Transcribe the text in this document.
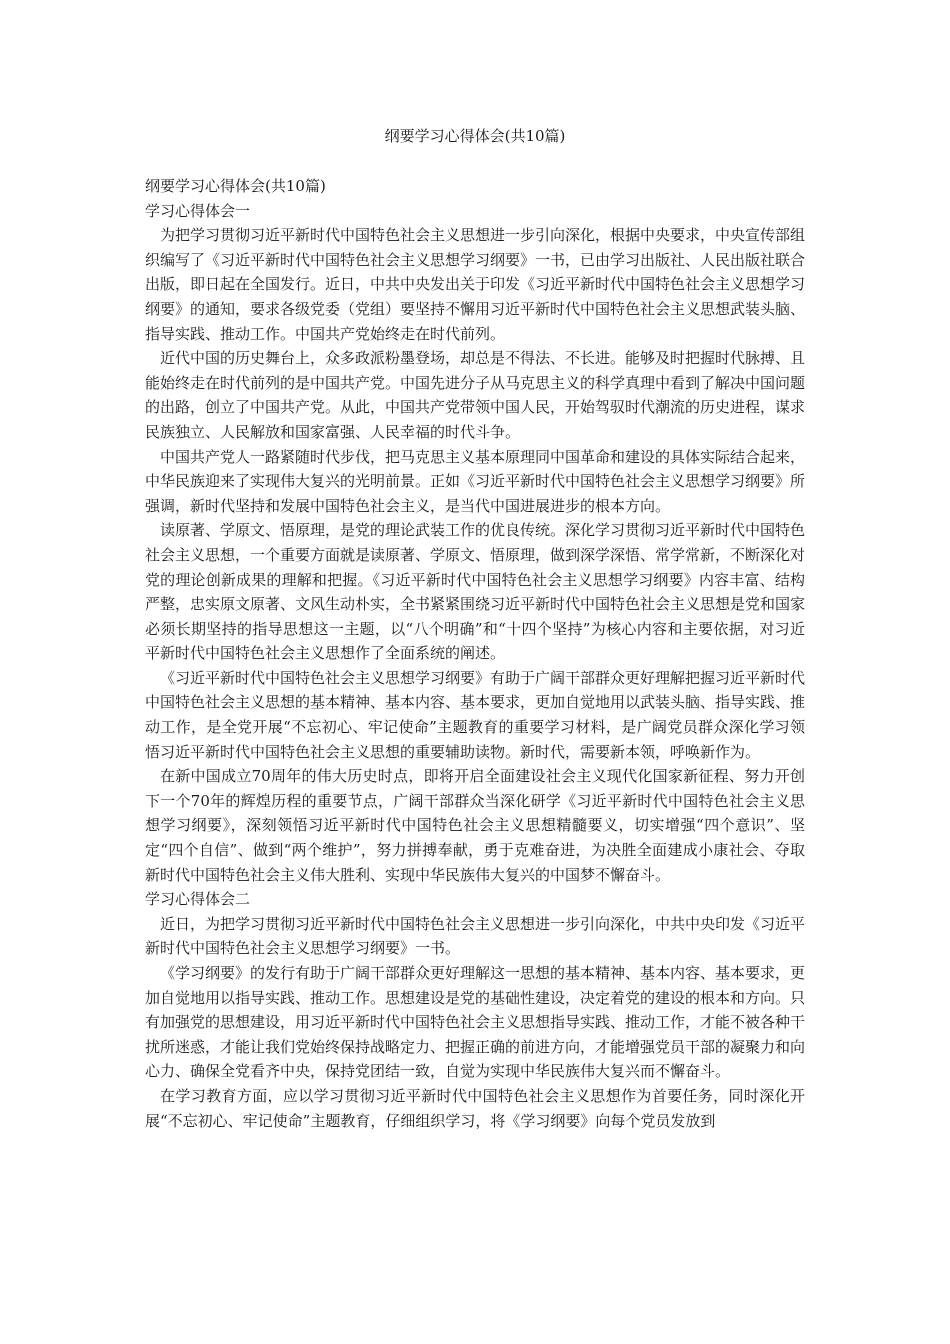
纲要学习心得体会(共10篇)

纲要学习心得体会(共10篇)

学习心得体会一

为把学习贯彻习近平新时代中国特色社会主义思想进一步引向深化，根据中央要求，中央宣传部组织编写了《习近平新时代中国特色社会主义思想学习纲要》一书，已由学习出版社、人民出版社联合出版，即日起在全国发行。近日，中共中央发出关于印发《习近平新时代中国特色社会主义思想学习纲要》的通知，要求各级党委（党组）要坚持不懈用习近平新时代中国特色社会主义思想武装头脑、指导实践、推动工作。中国共产党始终走在时代前列。

近代中国的历史舞台上，众多政派粉墨登场，却总是不得法、不长进。能够及时把握时代脉搏、且能始终走在时代前列的是中国共产党。中国先进分子从马克思主义的科学真理中看到了解决中国问题的出路，创立了中国共产党。从此，中国共产党带领中国人民，开始驾驭时代潮流的历史进程，谋求民族独立、人民解放和国家富强、人民幸福的时代斗争。

中国共产党人一路紧随时代步伐，把马克思主义基本原理同中国革命和建设的具体实际结合起来，中华民族迎来了实现伟大复兴的光明前景。正如《习近平新时代中国特色社会主义思想学习纲要》所强调，新时代坚持和发展中国特色社会主义，是当代中国进展进步的根本方向。

读原著、学原文、悟原理，是党的理论武装工作的优良传统。深化学习贯彻习近平新时代中国特色社会主义思想，一个重要方面就是读原著、学原文、悟原理，做到深学深悟、常学常新，不断深化对党的理论创新成果的理解和把握。《习近平新时代中国特色社会主义思想学习纲要》内容丰富、结构严整，忠实原文原著、文风生动朴实，全书紧紧围绕习近平新时代中国特色社会主义思想是党和国家必须长期坚持的指导思想这一主题，以“八个明确”和“十四个坚持”为核心内容和主要依据，对习近平新时代中国特色社会主义思想作了全面系统的阐述。

《习近平新时代中国特色社会主义思想学习纲要》有助于广阔干部群众更好理解把握习近平新时代中国特色社会主义思想的基本精神、基本内容、基本要求，更加自觉地用以武装头脑、指导实践、推动工作，是全党开展“不忘初心、牢记使命”主题教育的重要学习材料，是广阔党员群众深化学习领悟习近平新时代中国特色社会主义思想的重要辅助读物。新时代，需要新本领，呼唤新作为。

在新中国成立70周年的伟大历史时点，即将开启全面建设社会主义现代化国家新征程、努力开创下一个70年的辉煌历程的重要节点，广阔干部群众当深化研学《习近平新时代中国特色社会主义思想学习纲要》，深刻领悟习近平新时代中国特色社会主义思想精髓要义，切实增强“四个意识”、坚定“四个自信”、做到“两个维护”，努力拼搏奉献，勇于克难奋进，为决胜全面建成小康社会、夺取新时代中国特色社会主义伟大胜利、实现中华民族伟大复兴的中国梦不懈奋斗。

学习心得体会二

近日，为把学习贯彻习近平新时代中国特色社会主义思想进一步引向深化，中共中央印发《习近平新时代中国特色社会主义思想学习纲要》一书。

《学习纲要》的发行有助于广阔干部群众更好理解这一思想的基本精神、基本内容、基本要求，更加自觉地用以指导实践、推动工作。思想建设是党的基础性建设，决定着党的建设的根本和方向。只有加强党的思想建设，用习近平新时代中国特色社会主义思想指导实践、推动工作，才能不被各种干扰所迷惑，才能让我们党始终保持战略定力、把握正确的前进方向，才能增强党员干部的凝聚力和向心力、确保全党看齐中央，保持党团结一致，自觉为实现中华民族伟大复兴而不懈奋斗。

在学习教育方面，应以学习贯彻习近平新时代中国特色社会主义思想作为首要任务，同时深化开展“不忘初心、牢记使命”主题教育，仔细组织学习，将《学习纲要》向每个党员发放到
